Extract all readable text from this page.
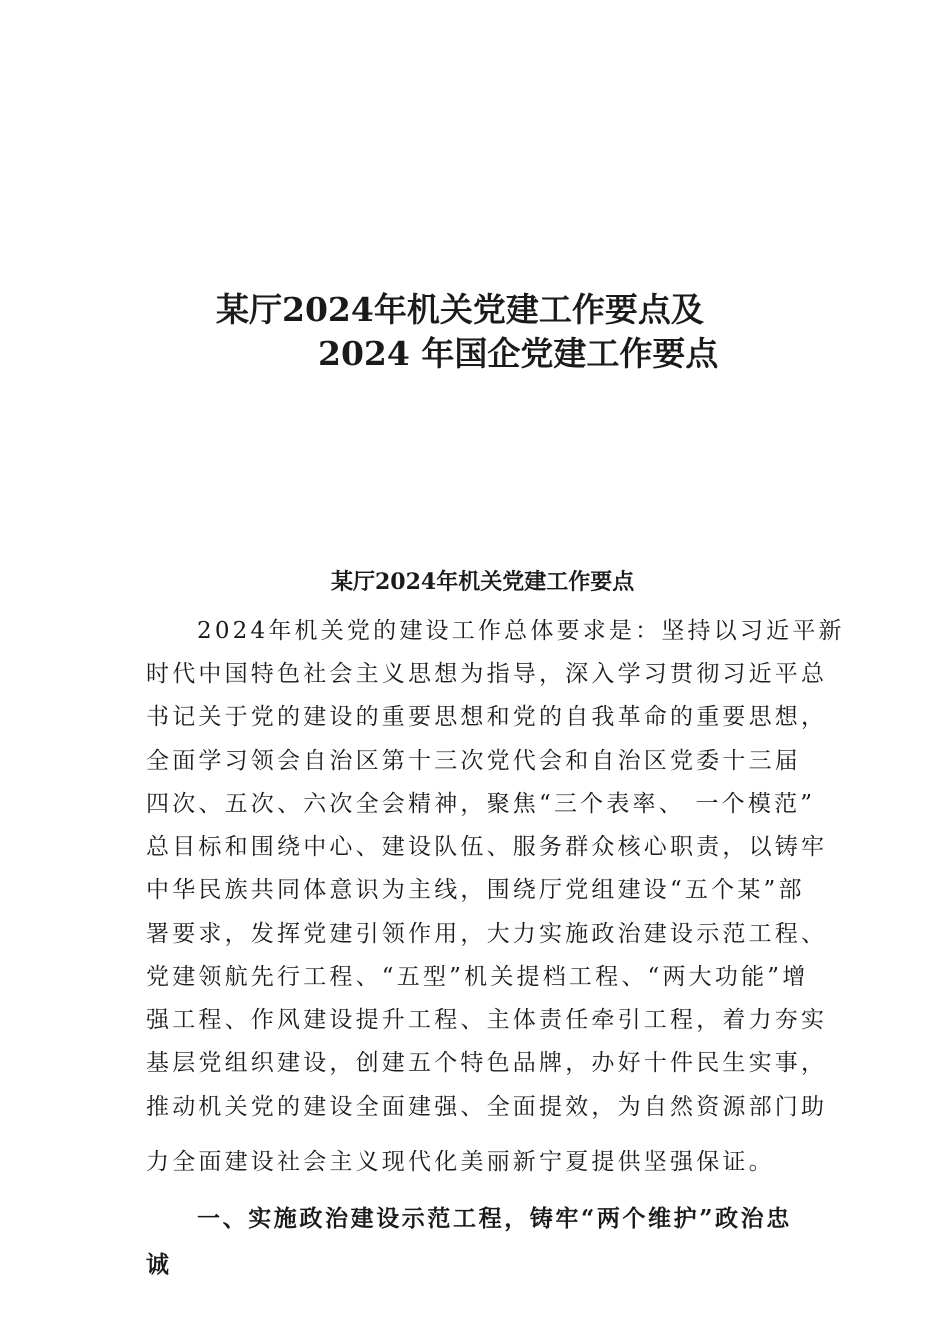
某厅2024年机关党建工作要点及
2024 年国企党建工作要点
某厅2024年机关党建工作要点
2024年机关党的建设工作总体要求是：坚持以习近平新
时代中国特色社会主义思想为指导，深入学习贯彻习近平总
书记关于党的建设的重要思想和党的自我革命的重要思想，
全面学习领会自治区第十三次党代会和自治区党委十三届
四次、五次、六次全会精神，聚焦“三个表率、 一个模范”
总目标和围绕中心、建设队伍、服务群众核心职责，以铸牢
中华民族共同体意识为主线，围绕厅党组建设“五个某”部
署要求，发挥党建引领作用，大力实施政治建设示范工程、
党建领航先行工程、“五型”机关提档工程、“两大功能”增
强工程、作风建设提升工程、主体责任牵引工程，着力夯实
基层党组织建设，创建五个特色品牌，办好十件民生实事，
推动机关党的建设全面建强、全面提效，为自然资源部门助
力全面建设社会主义现代化美丽新宁夏提供坚强保证。
一、实施政治建设示范工程，铸牢“两个维护”政治忠
诚
